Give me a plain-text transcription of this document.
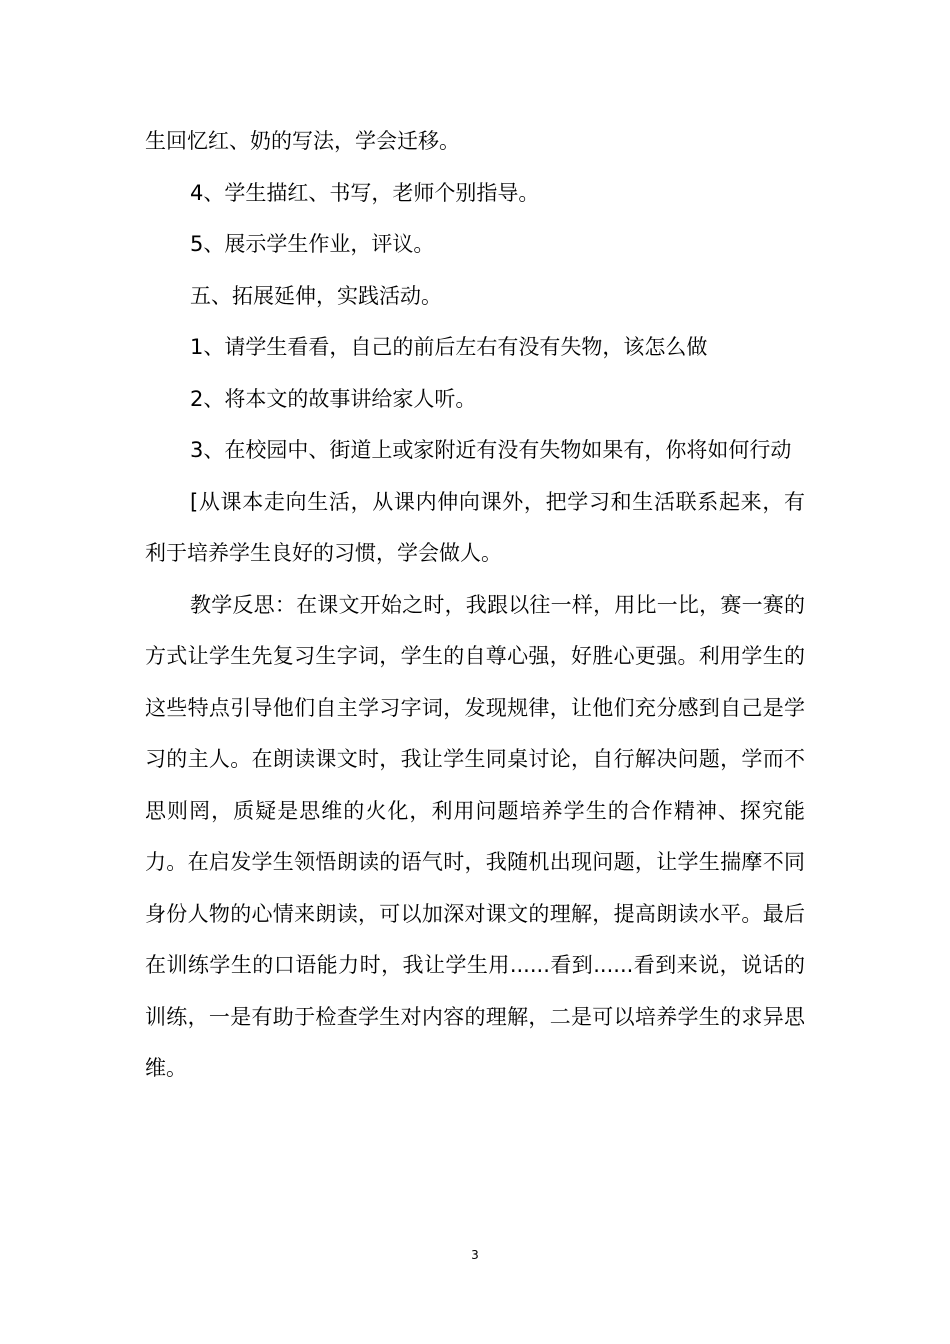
生回忆红、奶的写法，学会迁移。

4、学生描红、书写，老师个别指导。

5、展示学生作业，评议。

五、拓展延伸，实践活动。

1、请学生看看，自己的前后左右有没有失物，该怎么做

2、将本文的故事讲给家人听。

3、在校园中、街道上或家附近有没有失物如果有，你将如何行动

[从课本走向生活，从课内伸向课外，把学习和生活联系起来，有利于培养学生良好的习惯，学会做人。

教学反思：在课文开始之时，我跟以往一样，用比一比，赛一赛的方式让学生先复习生字词，学生的自尊心强，好胜心更强。利用学生的这些特点引导他们自主学习字词，发现规律，让他们充分感到自己是学习的主人。在朗读课文时，我让学生同桌讨论，自行解决问题，学而不思则罔，质疑是思维的火化，利用问题培养学生的合作精神、探究能力。在启发学生领悟朗读的语气时，我随机出现问题，让学生揣摩不同身份人物的心情来朗读，可以加深对课文的理解，提高朗读水平。最后在训练学生的口语能力时，我让学生用......看到......看到来说，说话的训练，一是有助于检查学生对内容的理解，二是可以培养学生的求异思维。

3
